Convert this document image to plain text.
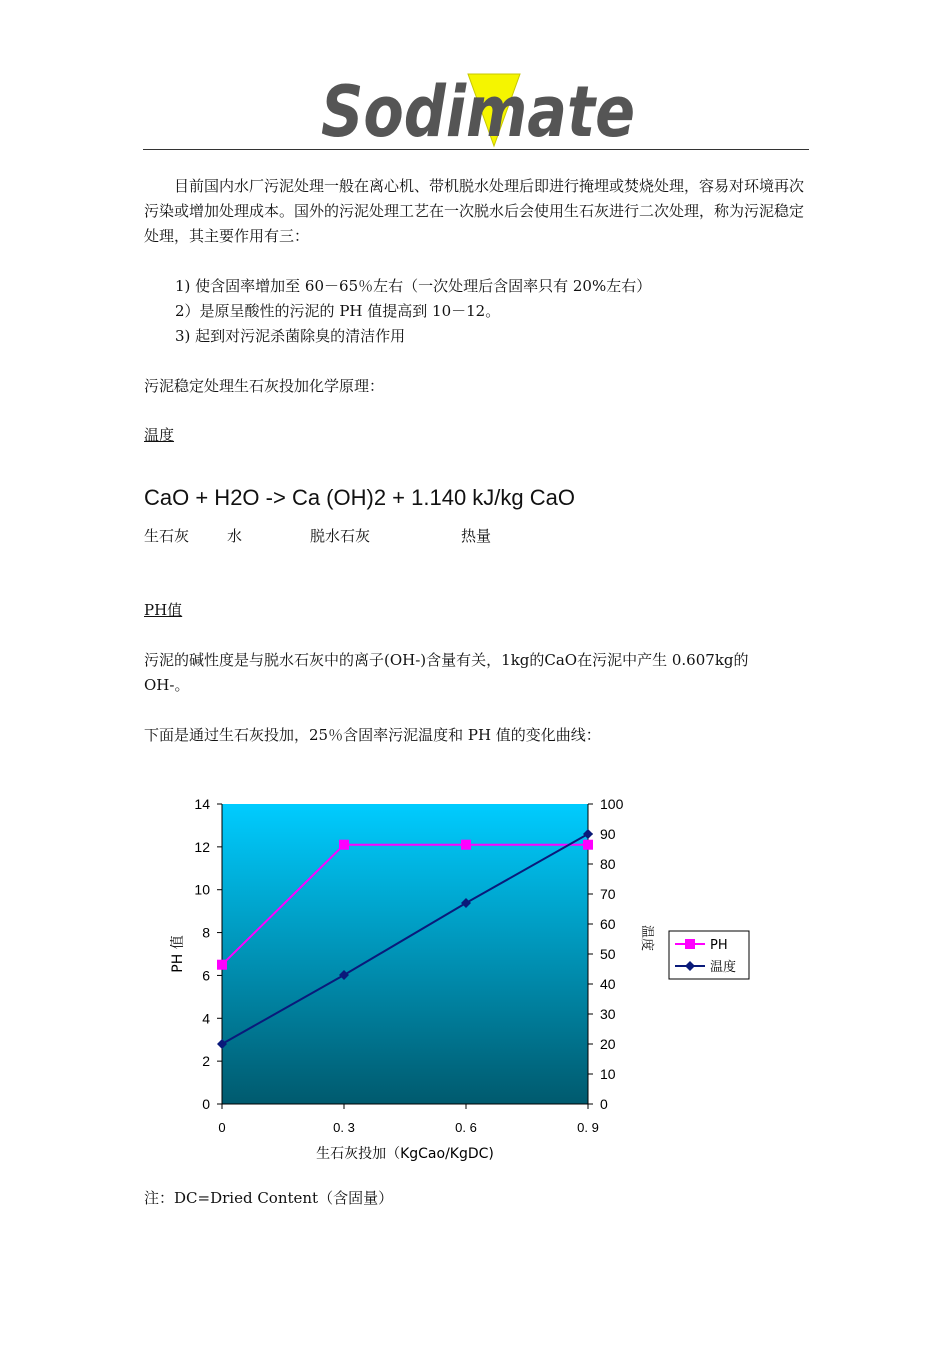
Sodimate
目前国内水厂污泥处理一般在离心机、带机脱水处理后即进行掩埋或焚烧处理，容易对环境再次污染或增加处理成本。国外的污泥处理工艺在一次脱水后会使用生石灰进行二次处理，称为污泥稳定处理，其主要作用有三：
1) 使含固率增加至 60－65％左右（一次处理后含固率只有 20%左右）
2）是原呈酸性的污泥的 PH 值提高到 10－12。
3) 起到对污泥杀菌除臭的清洁作用
污泥稳定处理生石灰投加化学原理：
温度
CaO + H2O -> Ca (OH)2 + 1.140 kJ/kg CaO
生石灰	水	脱水石灰	热量
PH值
污泥的碱性度是与脱水石灰中的离子(OH-)含量有关，1kg的CaO在污泥中产生 0.607kg的
OH-。
下面是通过生石灰投加，25％含固率污泥温度和 PH 值的变化曲线：
0
2
4
6
8
10
12
14
0
10
20
30
40
50
60
70
80
90
100
0	0. 3	0. 6	0. 9
生石灰投加（KgCao/KgDC)
PH 值	温度	PH
温度
注：DC=Dried Content（含固量）
